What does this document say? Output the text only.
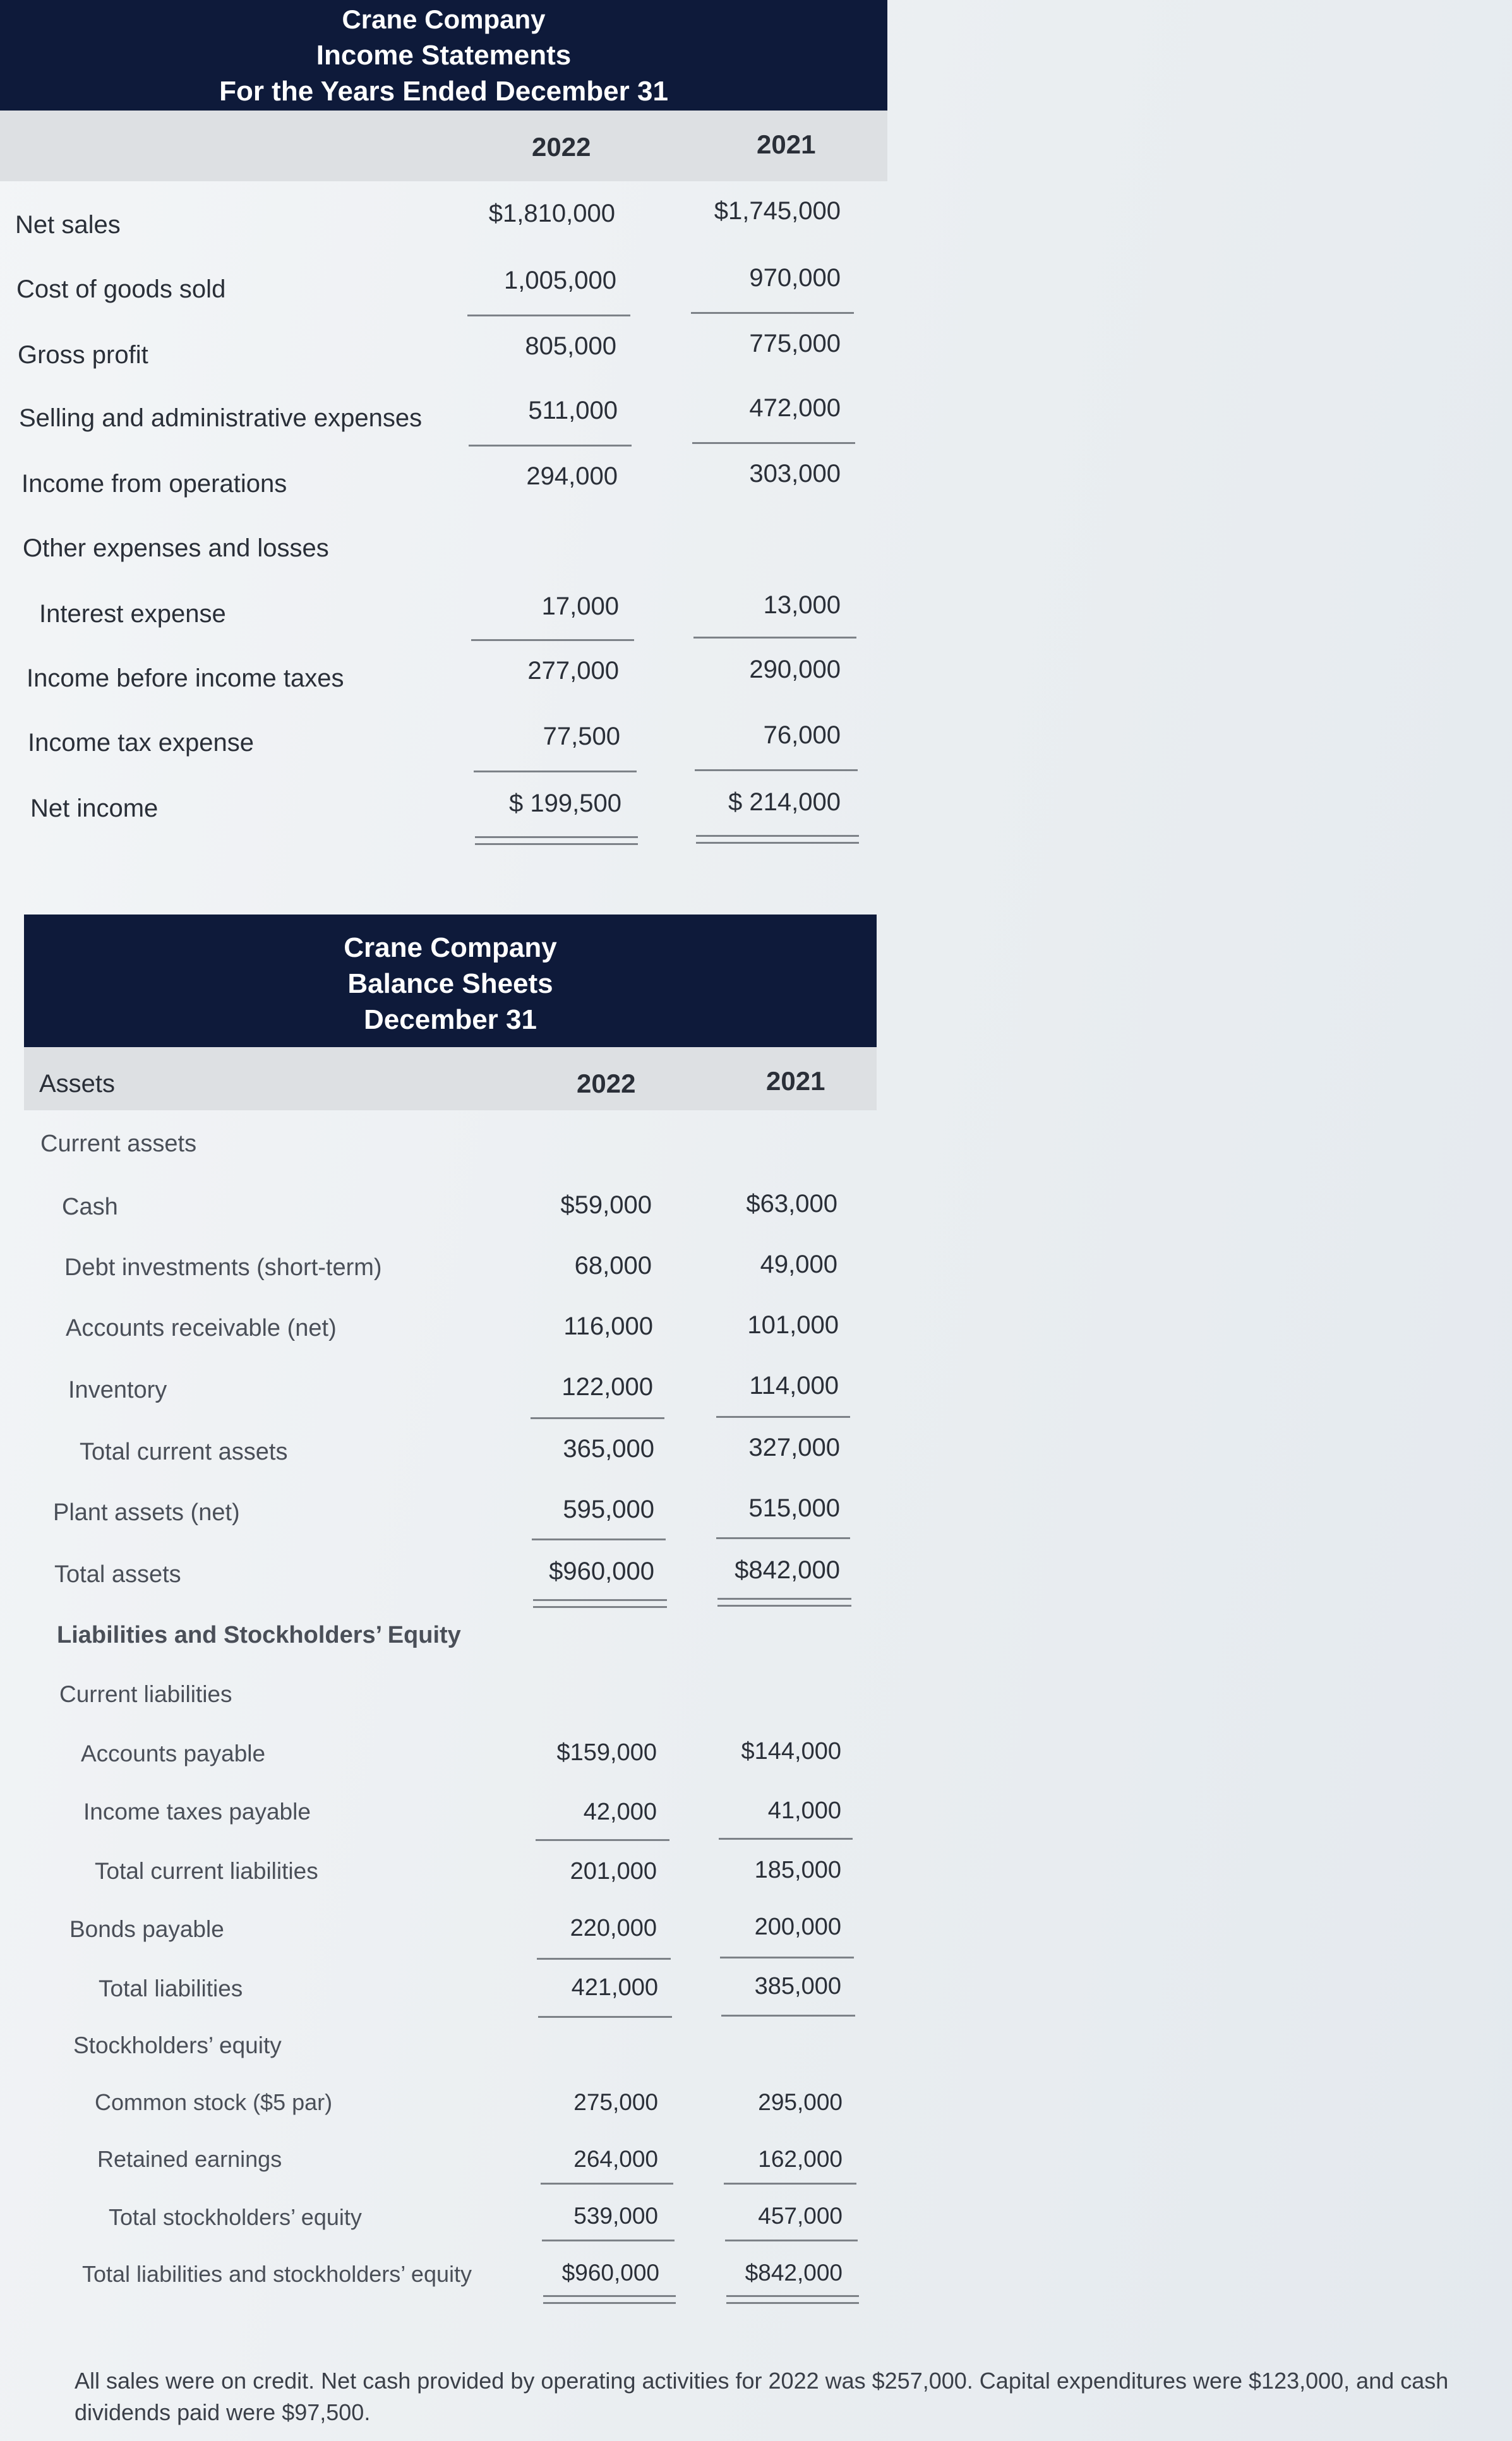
Crane Company
Income Statements
For the Years Ended December 31
2022	2021
Net sales	$1,810,000	$1,745,000
Cost of goods sold	1,005,000	970,000
Gross profit	805,000	775,000
Selling and administrative expenses	511,000	472,000
Income from operations	294,000	303,000
Other expenses and losses
Interest expense	17,000	13,000
Income before income taxes	277,000	290,000
Income tax expense	77,500	76,000
Net income	$ 199,500	$ 214,000
Crane Company
Balance Sheets
December 31
Assets	2022	2021
Current assets
Cash	$59,000	$63,000
Debt investments (short-term)	68,000	49,000
Accounts receivable (net)	116,000	101,000
Inventory	122,000	114,000
Total current assets	365,000	327,000
Plant assets (net)	595,000	515,000
Total assets	$960,000	$842,000
Liabilities and Stockholders’ Equity
Current liabilities
Accounts payable	$159,000	$144,000
Income taxes payable	42,000	41,000
Total current liabilities	201,000	185,000
Bonds payable	220,000	200,000
Total liabilities	421,000	385,000
Stockholders’ equity
Common stock ($5 par)	275,000	295,000
Retained earnings	264,000	162,000
Total stockholders’ equity	539,000	457,000
Total liabilities and stockholders’ equity	$960,000	$842,000
All sales were on credit. Net cash provided by operating activities for 2022 was $257,000. Capital expenditures were $123,000, and cash dividends paid were $97,500.
